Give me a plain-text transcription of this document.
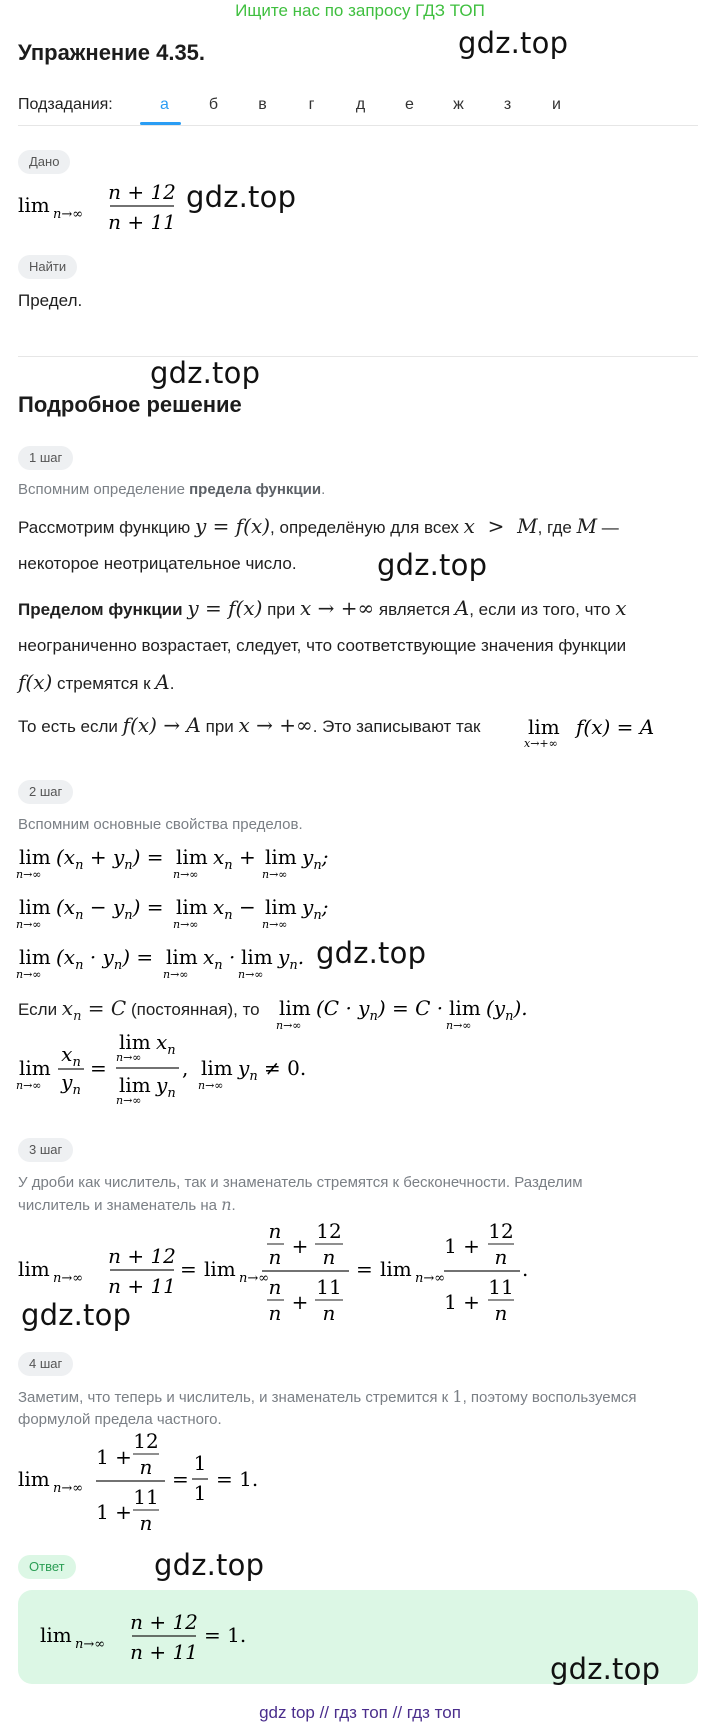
Ищите нас по запросу ГДЗ ТОП
Упражнение 4.35.
Подзадания:	а	б	в	г	д	е	ж	з	и
Дано
lim n→∞
n + 12
n + 11
Найти
Предел.
Подробное решение
1 шаг
Вспомним определение предела функции.
Рассмотрим функцию y = f(x), определёную для всех x  >  M, где M —
некоторое неотрицательное число.
Пределом функции y = f(x) при x → +∞ является A, если из того, что x
неограниченно возрастает, следует, что соответствующие значения функции
f(x) стремятся к A.
То есть если f(x) → A при x → +∞. Это записывают так	lim
x→+∞
f(x) = A
2 шаг
Вспомним основные свойства пределов.
lim
n→∞
$(x_n + y_n) = \lim$
n→∞
$x_n + \lim$
n→∞
$y_n$;
lim
n→∞
$(x_n - y_n) = \lim$
n→∞
$x_n - \lim$
n→∞
$y_n$;
lim
n→∞
$(x_n \cdot y_n) = \lim$
n→∞
$x_n \cdot \lim$
n→∞
$y_n$.
Если $x_n = C$ (постоянная), то lim
n→∞
$(C \cdot y_n) = C \cdot \lim$
n→∞
$(y_n)$.
lim
n→∞
$x_n$
$y_n$
=
lim
n→∞
$x_n$
lim
n→∞
$y_n$
, lim
n→∞
$y_n \ne 0$.
3 шаг
У дроби как числитель, так и знаменатель стремятся к бесконечности. Разделим
числитель и знаменатель на n.
lim n→∞
n + 12
n + 11
= lim n→∞
n
n +
12
n
n
n +
11
n
= lim n→∞
1 +
12
n
1 +
11
n
.
4 шаг
Заметим, что теперь и числитель, и знаменатель стремится к 1, поэтому воспользуемся
формулой предела частного.
lim n→∞
1 +
12
n
1 +
11
n
=
1
1
= 1.
Ответ
lim n→∞
n + 12
n + 11
= 1.
gdz top // гдз топ // гдз топ
gdz.top
gdz.top
gdz.top
gdz.top
gdz.top
gdz.top
gdz.top
gdz.top
